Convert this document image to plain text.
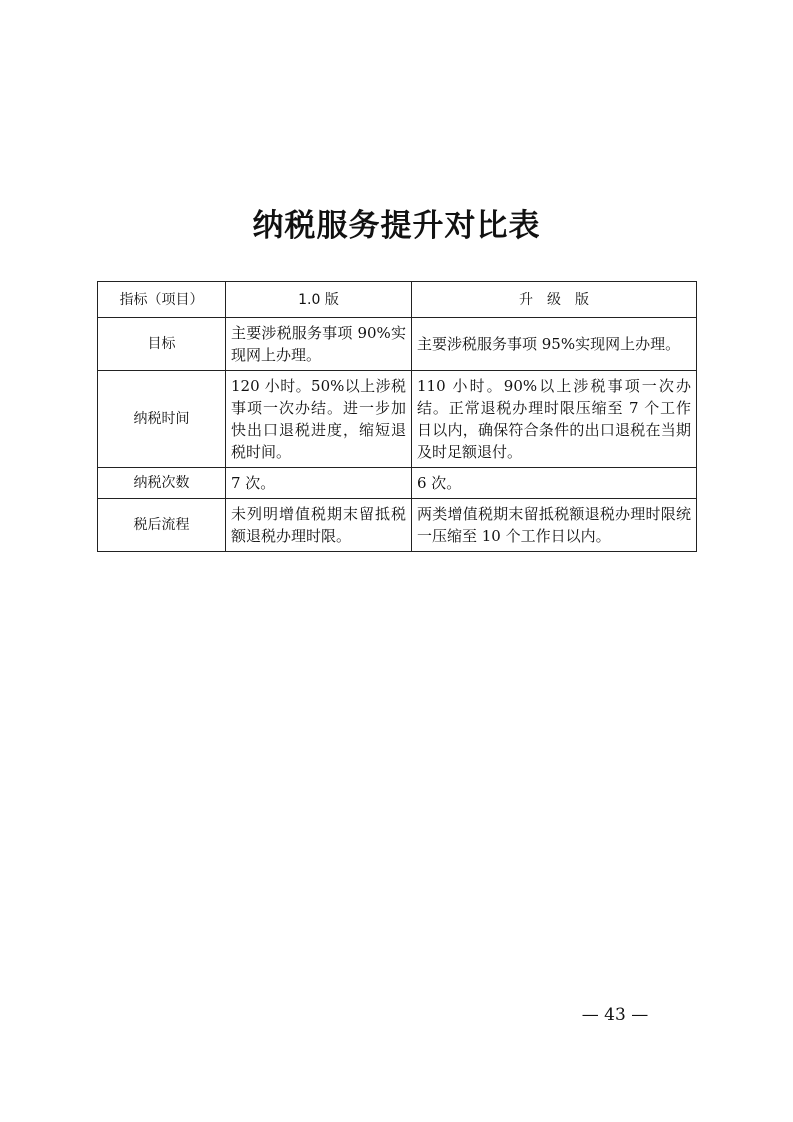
纳税服务提升对比表
指标（项目）	1.0 版	升　级　版
目标	主要涉税服务事项 90%实现网上办理。	主要涉税服务事项 95%实现网上办理。
纳税时间	120 小时。50%以上涉税事项一次办结。进一步加快出口退税进度，缩短退税时间。	110 小时。90%以上涉税事项一次办结。正常退税办理时限压缩至 7 个工作日以内，确保符合条件的出口退税在当期及时足额退付。
纳税次数	7 次。	6 次。
税后流程	未列明增值税期末留抵税额退税办理时限。	两类增值税期末留抵税额退税办理时限统一压缩至 10 个工作日以内。
— 43 —
